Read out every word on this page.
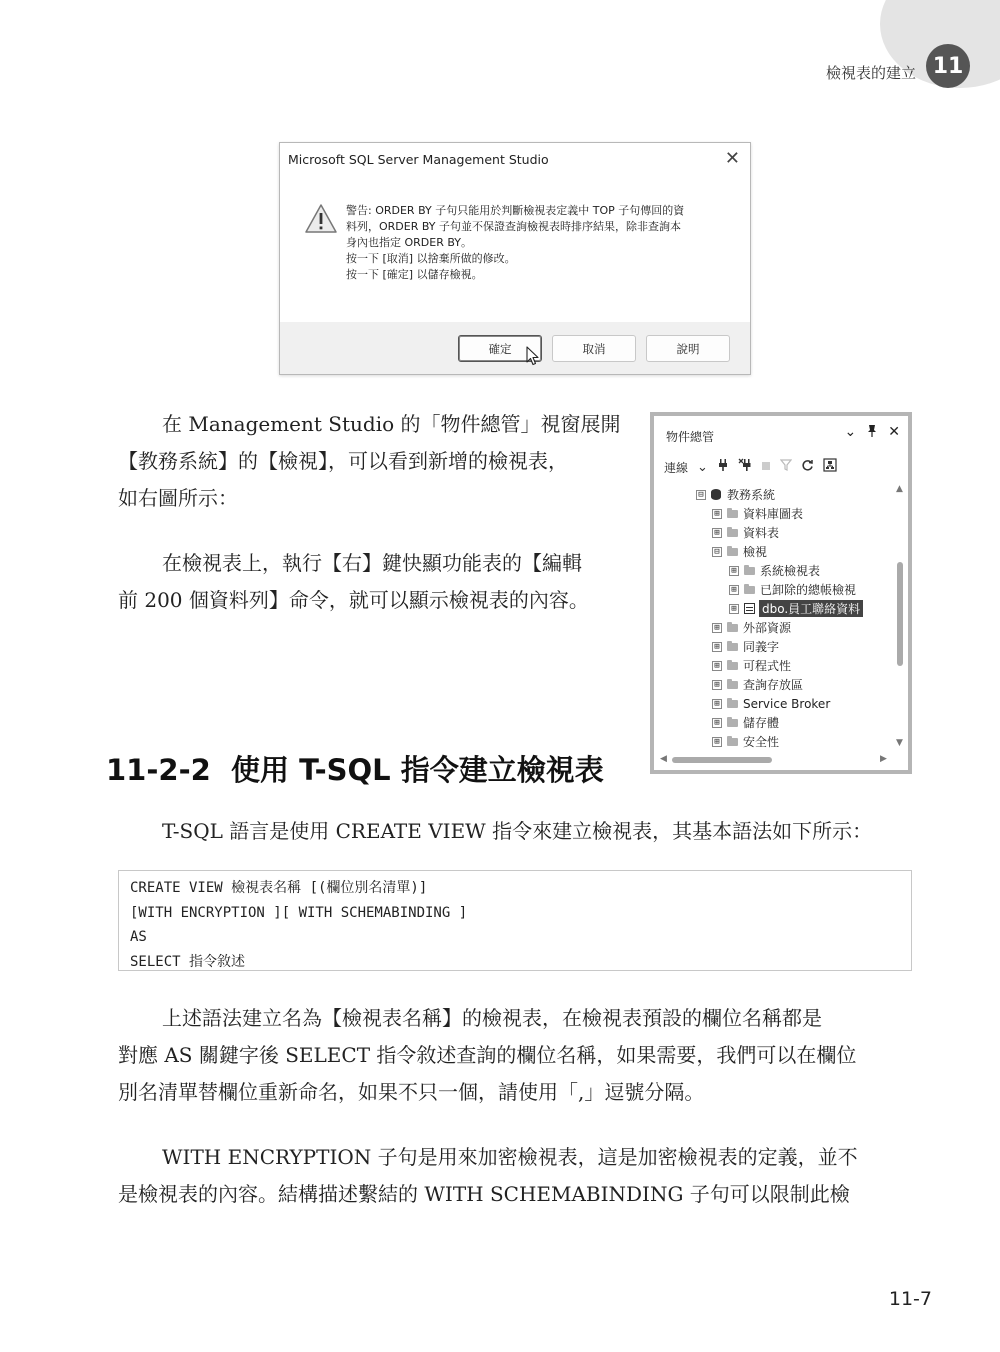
檢視表的建立 11
Microsoft SQL Server Management Studio	✕
警告: ORDER BY 子句只能用於判斷檢視表定義中 TOP 子句傳回的資
料列，ORDER BY 子句並不保證查詢檢視表時排序結果，除非查詢本
身內也指定 ORDER BY。
按一下 [取消] 以捨棄所做的修改。
按一下 [確定] 以儲存檢視。
確定	取消	說明
在 Management Studio 的「物件總管」視窗展開
【教務系統】的【檢視】，可以看到新增的檢視表，
如右圖所示：
在檢視表上，執行【右】鍵快顯功能表的【編輯
前 200 個資料列】命令，就可以顯示檢視表的內容。
物件總管	⌄ ✕
連線 ⌄
⊟ 教務系統
⊞ 資料庫圖表
⊞ 資料表
⊟ 檢視
⊞ 系統檢視表
⊞ 已卸除的總帳檢視
⊞ dbo.員工聯絡資料
⊞ 外部資源
⊞ 同義字
⊞ 可程式性
⊞ 查詢存放區
⊞ Service Broker
⊞ 儲存體
⊞ 安全性
▲
▼
◀	▶
11-2-2  使用 T-SQL 指令建立檢視表
T-SQL 語言是使用 CREATE VIEW 指令來建立檢視表，其基本語法如下所示：
CREATE VIEW 檢視表名稱 [(欄位別名清單)]
[WITH ENCRYPTION ][ WITH SCHEMABINDING ]
AS
SELECT 指令敘述
上述語法建立名為【檢視表名稱】的檢視表，在檢視表預設的欄位名稱都是
對應 AS 關鍵字後 SELECT 指令敘述查詢的欄位名稱，如果需要，我們可以在欄位
別名清單替欄位重新命名，如果不只一個，請使用「,」逗號分隔。
WITH ENCRYPTION 子句是用來加密檢視表，這是加密檢視表的定義，並不
是檢視表的內容。結構描述繫結的 WITH SCHEMABINDING 子句可以限制此檢
11-7
